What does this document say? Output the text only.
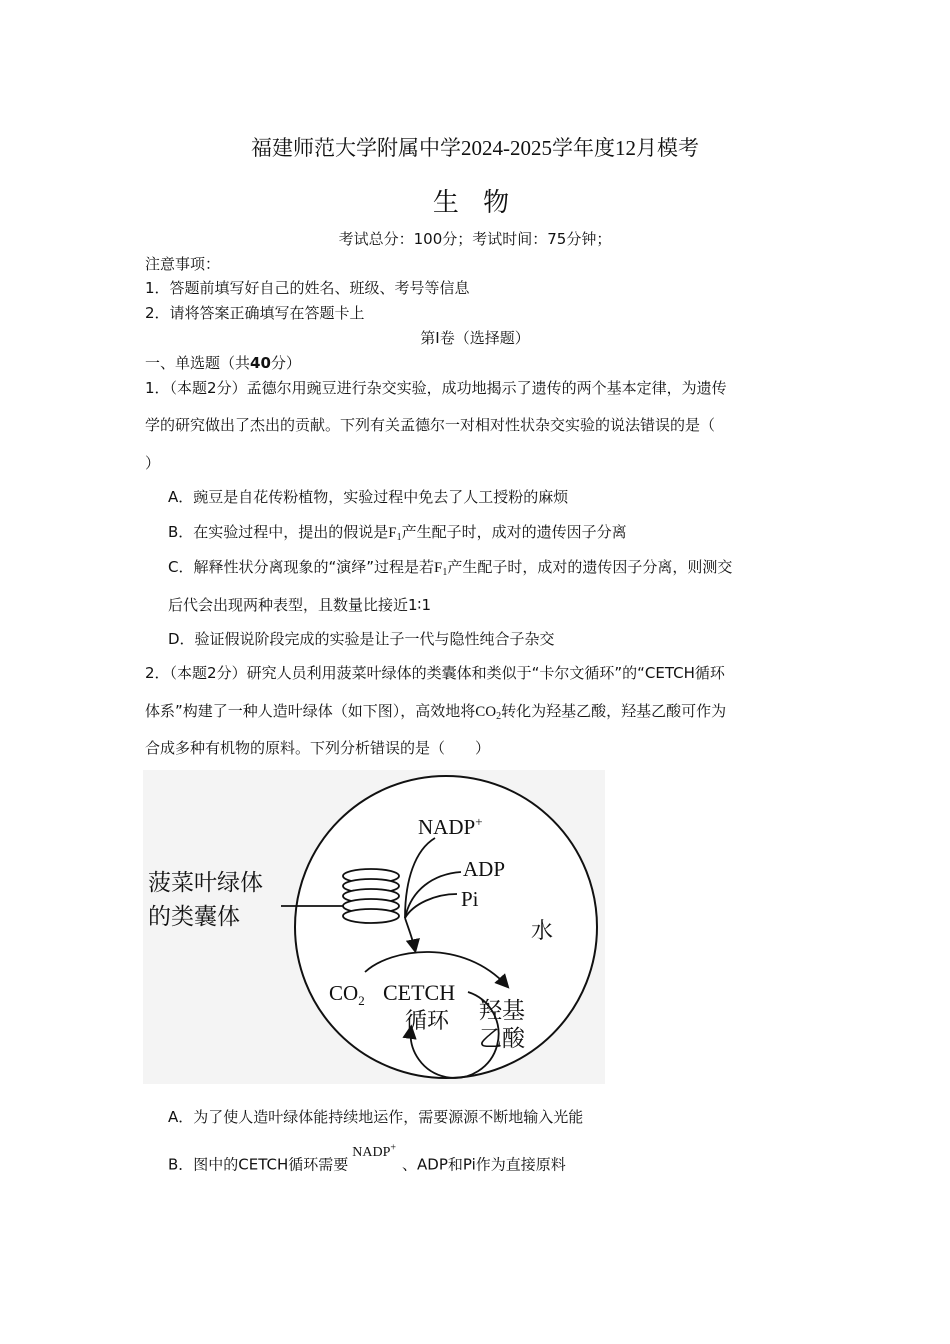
福建师范大学附属中学2024-2025学年度12月模考
生 物
考试总分：100分；考试时间：75分钟；
注意事项：
1．答题前填写好自己的姓名、班级、考号等信息
2．请将答案正确填写在答题卡上
第Ⅰ卷（选择题）
一、单选题（共40分）
1．（本题2分）孟德尔用豌豆进行杂交实验，成功地揭示了遗传的两个基本定律，为遗传
学的研究做出了杰出的贡献。下列有关孟德尔一对相对性状杂交实验的说法错误的是（
）
A．豌豆是自花传粉植物，实验过程中免去了人工授粉的麻烦
B．在实验过程中，提出的假说是$F_1$产生配子时，成对的遗传因子分离
C．解释性状分离现象的“演绎”过程是若$F_1$产生配子时，成对的遗传因子分离，则测交
后代会出现两种表型，且数量比接近1∶1
D．验证假说阶段完成的实验是让子一代与隐性纯合子杂交
2．（本题2分）研究人员利用菠菜叶绿体的类囊体和类似于“卡尔文循环”的“CETCH循环
体系”构建了一种人造叶绿体（如下图），高效地将$CO_2$转化为羟基乙酸，羟基乙酸可作为
合成多种有机物的原料。下列分析错误的是（　　）
菠菜叶绿体
的类囊体
NADP+
ADP
Pi
水
$CO_2$ CETCH
循环 羟基
乙酸
A．为了使人造叶绿体能持续地运作，需要源源不断地输入光能
B．图中的CETCH循环需要NADP+、ADP和Pi作为直接原料
